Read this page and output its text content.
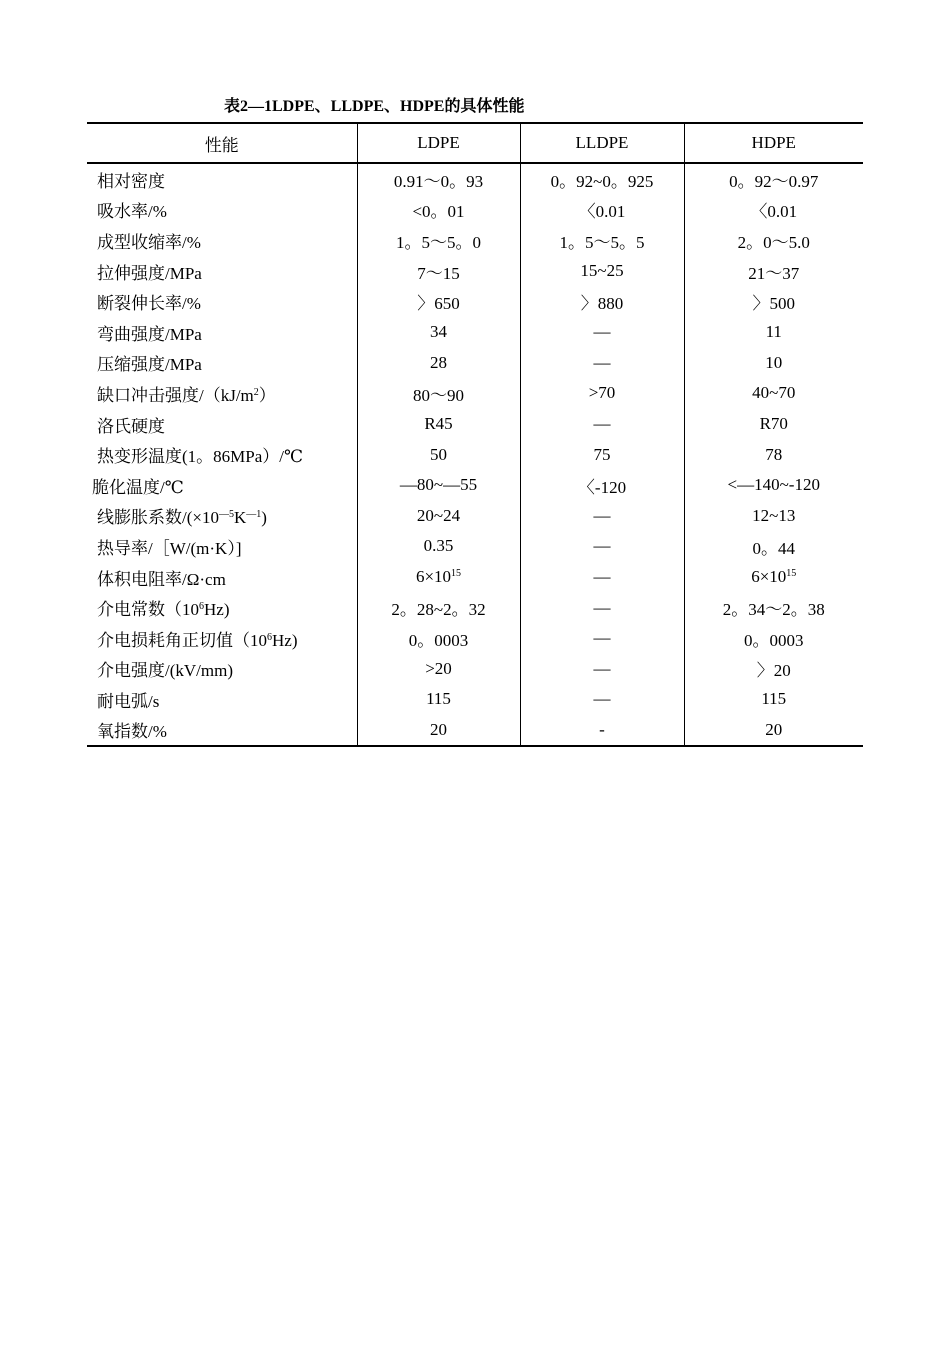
表2—1LDPE、LLDPE、HDPE的具体性能
性能	LDPE	LLDPE	HDPE
相对密度	0.91～0。93	0。92~0。925	0。92～0.97
吸水率/%	<0。01	〈0.01	〈0.01
成型收缩率/%	1。5～5。0	1。5～5。5	2。0～5.0
拉伸强度/MPa	7～15	15~25	21～37
断裂伸长率/%	〉650	〉880	〉500
弯曲强度/MPa	34	—	11
压缩强度/MPa	28	—	10
缺口冲击强度$/(kJ/m^2)$	80～90	>70	40~70
洛氏硬度	R45	—	R70
热变形温度(1。86MPa）/℃	50	75	78
脆化温度/℃	—80~—55	〈-120	<—140~-120
线膨胀系数$/(\times 10^{—5}K^{—1})$	20~24	—	12~13
热导率/［W/(m·K）]	0.35	—	0。44
体积电阻率/Ω·cm	$6\times 10^{15}$	—	$6\times 10^{15}$
介电常数$(10^6Hz)$	2。28~2。32	—	2。34～2。38
介电损耗角正切值$(10^6Hz)$	0。0003	—	0。0003
介电强度/(kV/mm)	>20	—	〉20
耐电弧/s	115	—	115
氧指数/%	20	-	20
